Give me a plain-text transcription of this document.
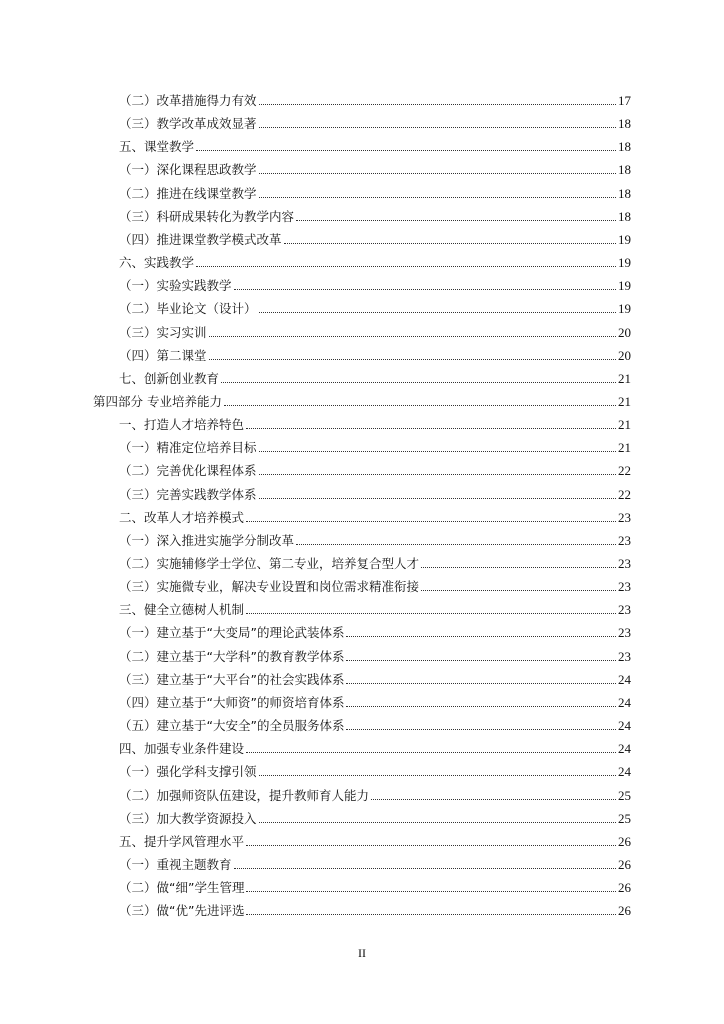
（二）改革措施得力有效	17
（三）教学改革成效显著	18
五、课堂教学	18
（一）深化课程思政教学	18
（二）推进在线课堂教学	18
（三）科研成果转化为教学内容	18
（四）推进课堂教学模式改革	19
六、实践教学	19
（一）实验实践教学	19
（二）毕业论文（设计）	19
（三）实习实训	20
（四）第二课堂	20
七、创新创业教育	21
第四部分 专业培养能力	21
一、打造人才培养特色	21
（一）精准定位培养目标	21
（二）完善优化课程体系	22
（三）完善实践教学体系	22
二、改革人才培养模式	23
（一）深入推进实施学分制改革	23
（二）实施辅修学士学位、第二专业，培养复合型人才	23
（三）实施微专业，解决专业设置和岗位需求精准衔接	23
三、健全立德树人机制	23
（一）建立基于“大变局”的理论武装体系	23
（二）建立基于“大学科”的教育教学体系	23
（三）建立基于“大平台”的社会实践体系	24
（四）建立基于“大师资”的师资培育体系	24
（五）建立基于“大安全”的全员服务体系	24
四、加强专业条件建设	24
（一）强化学科支撑引领	24
（二）加强师资队伍建设，提升教师育人能力	25
（三）加大教学资源投入	25
五、提升学风管理水平	26
（一）重视主题教育	26
（二）做“细”学生管理	26
（三）做“优”先进评选	26
II
